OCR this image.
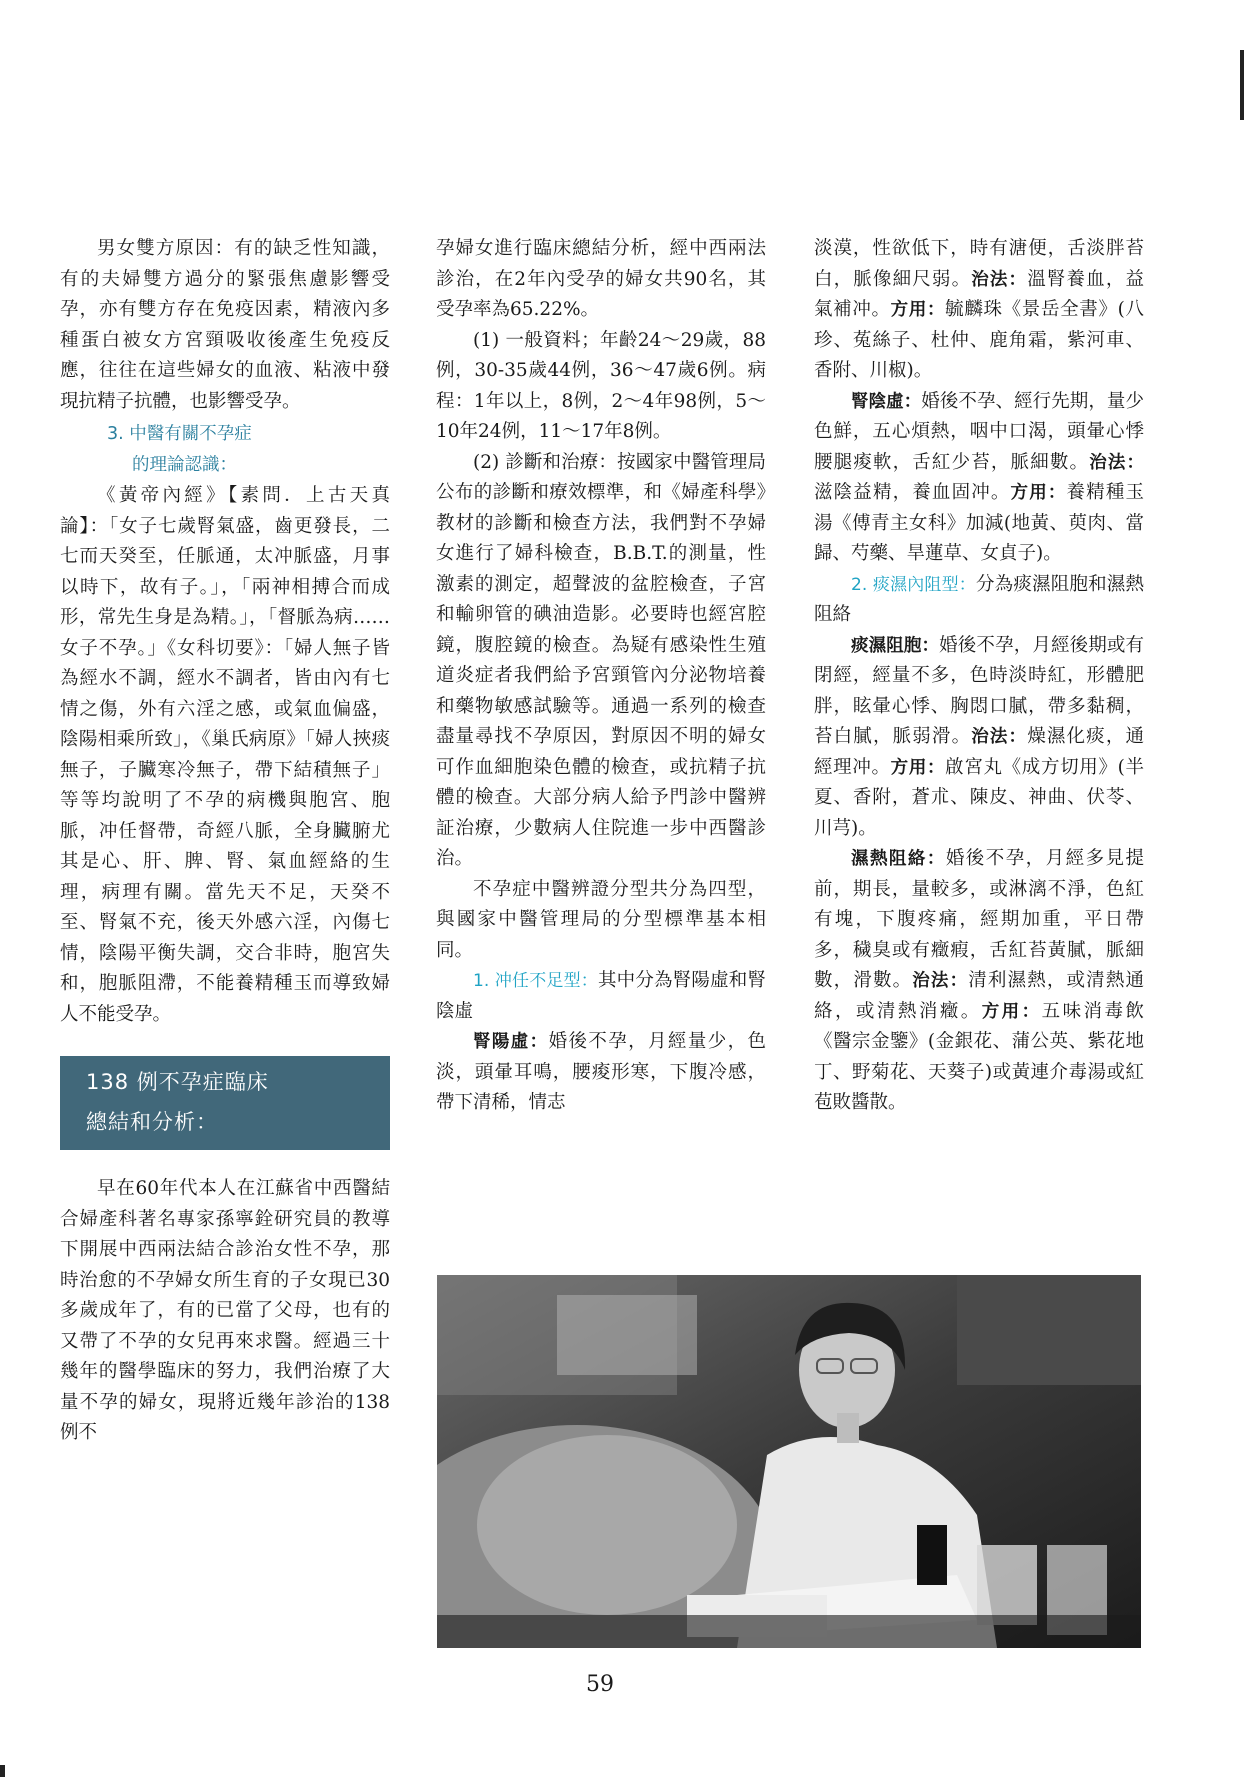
男女雙方原因：有的缺乏性知識，有的夫婦雙方過分的緊張焦慮影響受孕，亦有雙方存在免疫因素，精液內多種蛋白被女方宮頸吸收後產生免疫反應，往往在這些婦女的血液、粘液中發現抗精子抗體，也影響受孕。

3. 中醫有關不孕症
的理論認識：

《黃帝內經》【素問．上古天真論】：「女子七歲腎氣盛，齒更發長，二七而天癸至，任脈通，太冲脈盛，月事以時下，故有子。」，「兩神相搏合而成形，常先生身是為精。」，「督脈為病……女子不孕。」《女科切要》：「婦人無子皆為經水不調，經水不調者，皆由內有七情之傷，外有六淫之感，或氣血偏盛，陰陽相乘所致」，《巢氏病原》「婦人挾痰無子，子臟寒冷無子，帶下結積無子」等等均說明了不孕的病機與胞宮、胞脈，冲任督帶，奇經八脈，全身臟腑尤其是心、肝、脾、腎、氣血經絡的生理，病理有關。當先天不足，天癸不至、腎氣不充，後天外感六淫，內傷七情，陰陽平衡失調，交合非時，胞宮失和，胞脈阻滯，不能養精種玉而導致婦人不能受孕。

138 例不孕症臨床
總結和分析：

早在60年代本人在江蘇省中西醫結合婦產科著名專家孫寧銓研究員的教導下開展中西兩法結合診治女性不孕，那時治愈的不孕婦女所生育的子女現已30多歲成年了，有的已當了父母，也有的又帶了不孕的女兒再來求醫。經過三十幾年的醫學臨床的努力，我們治療了大量不孕的婦女，現將近幾年診治的138例不

孕婦女進行臨床總結分析，經中西兩法診治，在2年內受孕的婦女共90名，其受孕率為65.22%。

(1) 一般資料；年齡24～29歲，88例，30-35歲44例，36～47歲6例。病程：1年以上，8例，2～4年98例，5～10年24例，11～17年8例。

(2) 診斷和治療：按國家中醫管理局公布的診斷和療效標準，和《婦產科學》教材的診斷和檢查方法，我們對不孕婦女進行了婦科檢查，B.B.T.的測量，性激素的測定，超聲波的盆腔檢查，子宮和輸卵管的碘油造影。必要時也經宮腔鏡，腹腔鏡的檢查。為疑有感染性生殖道炎症者我們給予宮頸管內分泌物培養和藥物敏感試驗等。通過一系列的檢查盡量尋找不孕原因，對原因不明的婦女可作血細胞染色體的檢查，或抗精子抗體的檢查。大部分病人給予門診中醫辨証治療，少數病人住院進一步中西醫診治。

不孕症中醫辨證分型共分為四型，與國家中醫管理局的分型標準基本相同。

1. 冲任不足型：其中分為腎陽虛和腎陰虛

腎陽虛：婚後不孕，月經量少，色淡，頭暈耳鳴，腰痠形寒，下腹冷感，帶下清稀，情志

淡漠，性欲低下，時有溏便，舌淡胖苔白，脈像細尺弱。治法：溫腎養血，益氣補冲。方用：毓麟珠《景岳全書》(八珍、菟絲子、杜仲、鹿角霜，紫河車、香附、川椒)。

腎陰虛：婚後不孕、經行先期，量少色鮮，五心煩熱，咽中口渴，頭暈心悸腰腿痠軟，舌紅少苔，脈細數。治法：滋陰益精，養血固冲。方用：養精種玉湯《傅青主女科》加減(地黃、萸肉、當歸、芍藥、旱蓮草、女貞子)。

2. 痰濕內阻型：分為痰濕阻胞和濕熱阻絡

痰濕阻胞：婚後不孕，月經後期或有閉經，經量不多，色時淡時紅，形體肥胖，眩暈心悸、胸悶口膩，帶多黏稠，苔白膩，脈弱滑。治法：燥濕化痰，通經理冲。方用：啟宮丸《成方切用》(半夏、香附，蒼朮、陳皮、神曲、伏苓、川芎)。

濕熱阻絡：婚後不孕，月經多見提前，期長，量較多，或淋漓不淨，色紅有塊，下腹疼痛，經期加重，平日帶多，穢臭或有癥瘕，舌紅苔黃膩，脈細數，滑數。治法：清利濕熱，或清熱通絡，或清熱消癥。方用：五味消毒飲《醫宗金鑒》(金銀花、蒲公英、紫花地丁、野菊花、天葵子)或黃連介毒湯或紅苞敗醬散。

59
